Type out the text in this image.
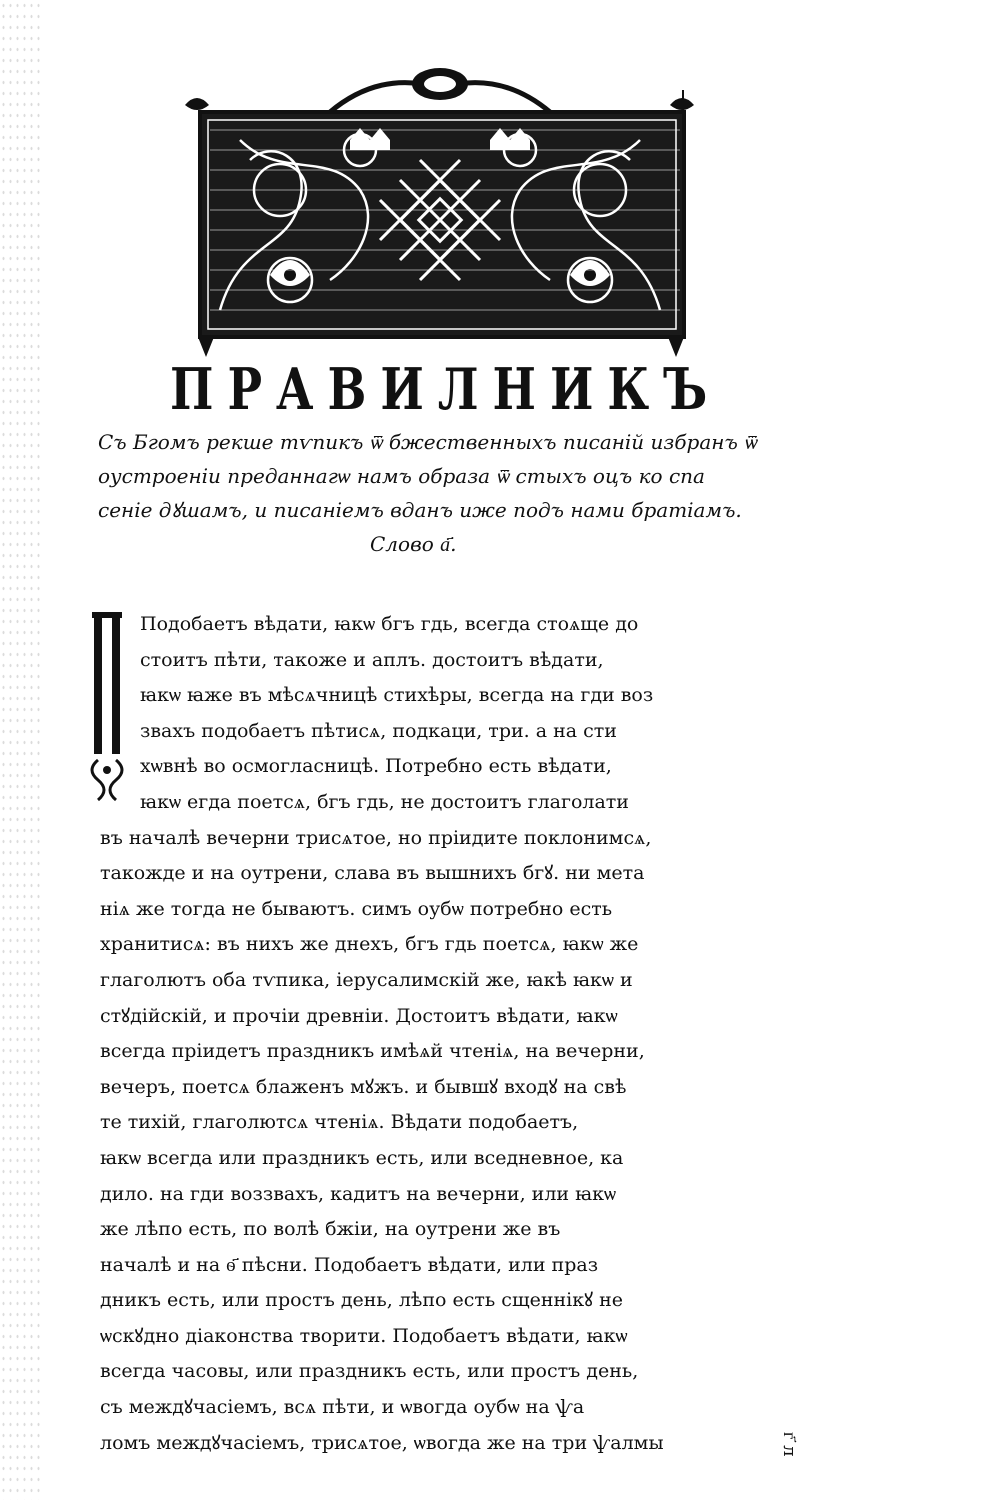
ПРАВИЛНИКЪ
Съ Бгомъ рекше тѵпикъ ѿ бжественныхъ писаній избранъ ѿ
оустроеніи преданнагѡ намъ образа ѿ стыхъ оцъ ко спа
сеніе дꙋшамъ, и писаніемъ вданъ иже подъ нами братіамъ.
Слово а҃.
Подобаетъ вѣдати, ꙗкѡ бгъ гдь, всегда стоѧще до
стоитъ пѣти, такоже и аплъ. достоитъ вѣдати,
ꙗкѡ ꙗже въ мѣсѧчницѣ стихѣры, всегда на гди воз
звахъ подобаетъ пѣтисѧ, подкаци, три. а на сти
хѡвнѣ во осмогласницѣ. Потребно есть вѣдати,
ꙗкѡ егда поетсѧ, бгъ гдь, не достоитъ глаголати
въ началѣ вечерни трисѧтое, но пріидите поклонимсѧ,
такожде и на оутрени, слава въ вышнихъ бгꙋ. ни мета
ніѧ же тогда не бываютъ. симъ оубѡ потребно есть
хранитисѧ: въ нихъ же днехъ, бгъ гдь поетсѧ, ꙗкѡ же
глаголютъ оба тѵпика, іерусалимскій же, ꙗкѣ ꙗкѡ и
стꙋдійскій, и прочіи древніи. Достоитъ вѣдати, ꙗкѡ
всегда пріидетъ праздникъ имѣѧй чтеніѧ, на вечерни,
вечеръ, поетсѧ блаженъ мꙋжъ. и бывшꙋ входꙋ на свѣ
те тихій, глаголютсѧ чтеніѧ. Вѣдати подобаетъ,
ꙗкѡ всегда или праздникъ есть, или вседневное, ка
дило. на гди воззвахъ, кадитъ на вечерни, или ꙗкѡ
же лѣпо есть, по волѣ бжіи, на оутрени же въ
началѣ и на ѳ҃ пѣсни. Подобаетъ вѣдати, или праз
дникъ есть, или простъ день, лѣпо есть сщеннікꙋ не
ѡскꙋдно діаконства творити. Подобаетъ вѣдати, ꙗкѡ
всегда часовы, или праздникъ есть, или простъ день,
съ междꙋчасіемъ, всѧ пѣти, и ѡвогда оубѡ на ѱа
ломъ междꙋчасіемъ, трисѧтое, ѡвогда же на три ѱалмы	г҃ л
